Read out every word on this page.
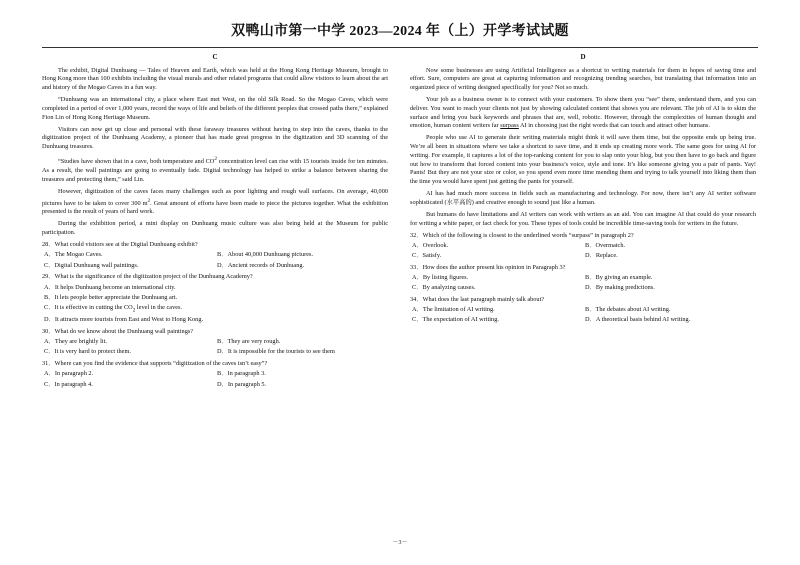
双鸭山市第一中学 2023—2024 年（上）开学考试试题
C

The exhibit, Digital Dunhuang — Tales of Heaven and Earth, which was held at the Hong Kong Heritage Museum, brought to Hong Kong more than 100 exhibits including the visual murals and other related programs that could allow visitors to learn about the art and history of the Mogao Caves in a fun way.

“Dunhuang was an international city, a place where East met West, on the old Silk Road. So the Mogao Caves, which were completed in a period of over 1,000 years, record the ways of life and beliefs of the different peoples that crossed paths there,” explained Fion Lin of Hong Kong Heritage Museum.

Visitors can now get up close and personal with these faraway treasures without having to step into the caves, thanks to the digitization project of the Dunhuang Academy, a pioneer that has made great progress in the digitization and 3D scanning of the Dunhuang treasures.

“Studies have shown that in a cave, both temperature and $CO^2$ concentration level can rise with 15 tourists inside for ten minutes. As a result, the wall paintings are going to eventually fade. Digital technology has helped to strike a balance between sharing the treasures and protecting them,” said Lin.

However, digitization of the caves faces many challenges such as poor lighting and rough wall surfaces. On average, 40,000 pictures have to be taken to cover 300 $m^2$. Great amount of efforts have been made to piece the pictures together. What the exhibition presented is the result of years of hard work.

During the exhibition period, a mini display on Dunhuang music culture was also being held at the Museum for public participation.

28．What could visitors see at the Digital Dunhuang exhibit?
A．The Mogao Caves.	B．About 40,000 Dunhuang pictures.
C．Digital Dunhuang wall paintings.	D．Ancient records of Dunhuang.
29．What is the significance of the digitization project of the Dunhuang Academy?
A．It helps Dunhuang become an international city.
B．It lets people better appreciate the Dunhuang art.
C．It is effective in cutting the $CO_2$ level in the caves.
D．It attracts more tourists from East and West to Hong Kong.
30．What do we know about the Dunhuang wall paintings?
A．They are brightly lit.	B．They are very rough.
C．It is very hard to protect them.	D．It is impossible for the tourists to see them
31．Where can you find the evidence that supports “digitization of the caves isn’t easy”?
A．In paragraph 2.	B．In paragraph 3.
C．In paragraph 4.	D．In paragraph 5.
D

Now some businesses are using Artificial Intelligence as a shortcut to writing materials for them in hopes of saving time and effort. Sure, computers are great at capturing information and recognizing trending searches, but translating that information into an organized piece of writing designed specifically for you? Not so much.

Your job as a business owner is to connect with your customers. To show them you “see” them, understand them, and you can deliver. You want to reach your clients not just by showing calculated content that shows you are relevant. The job of AI is to skim the surface and bring you back keywords and phrases that are, well, robotic. However, through the complexities of human thought and emotion, human content writers far surpass AI in choosing just the right words that can touch and attract other humans.

People who use AI to generate their writing materials might think it will save them time, but the opposite ends up being true. We’re all been in situations where we take a shortcut to save time, and it ends up creating more work. The same goes for using AI for writing. For example, it captures a lot of the top-ranking content for you to slap onto your blog, but you then have to go back and figure out how to transform that forced content into your business’s voice, style and tone. It’s like someone giving you a pair of pants. Yay! Pants! But they are not your size or color, so you spend even more time mending them and trying to talk yourself into liking them than the time you would have spent just getting the pants for yourself.

AI has had much more success in fields such as manufacturing and technology. For now, there isn’t any AI writer software sophisticated (水平高的) and creative enough to sound just like a human.

But humans do have limitations and AI writers can work with writers as an aid. You can imagine AI that could do your research for writing a white paper, or fact check for you. These types of tools could be incredible time-saving tools for writers in the future.

32．Which of the following is closest to the underlined words “surpass” in paragraph 2?
A．Overlook.	B．Overmatch.
C．Satisfy.	D．Replace.
33．How does the author present his opinion in Paragraph 3?
A．By listing figures.	B．By giving an example.
C．By analyzing causes.	D．By making predictions.
34．What does the last paragraph mainly talk about?
A．The limitation of AI writing.	B．The debates about AI writing.
C．The expectation of AI writing.	D．A theoretical basis behind AI writing.
－3－
